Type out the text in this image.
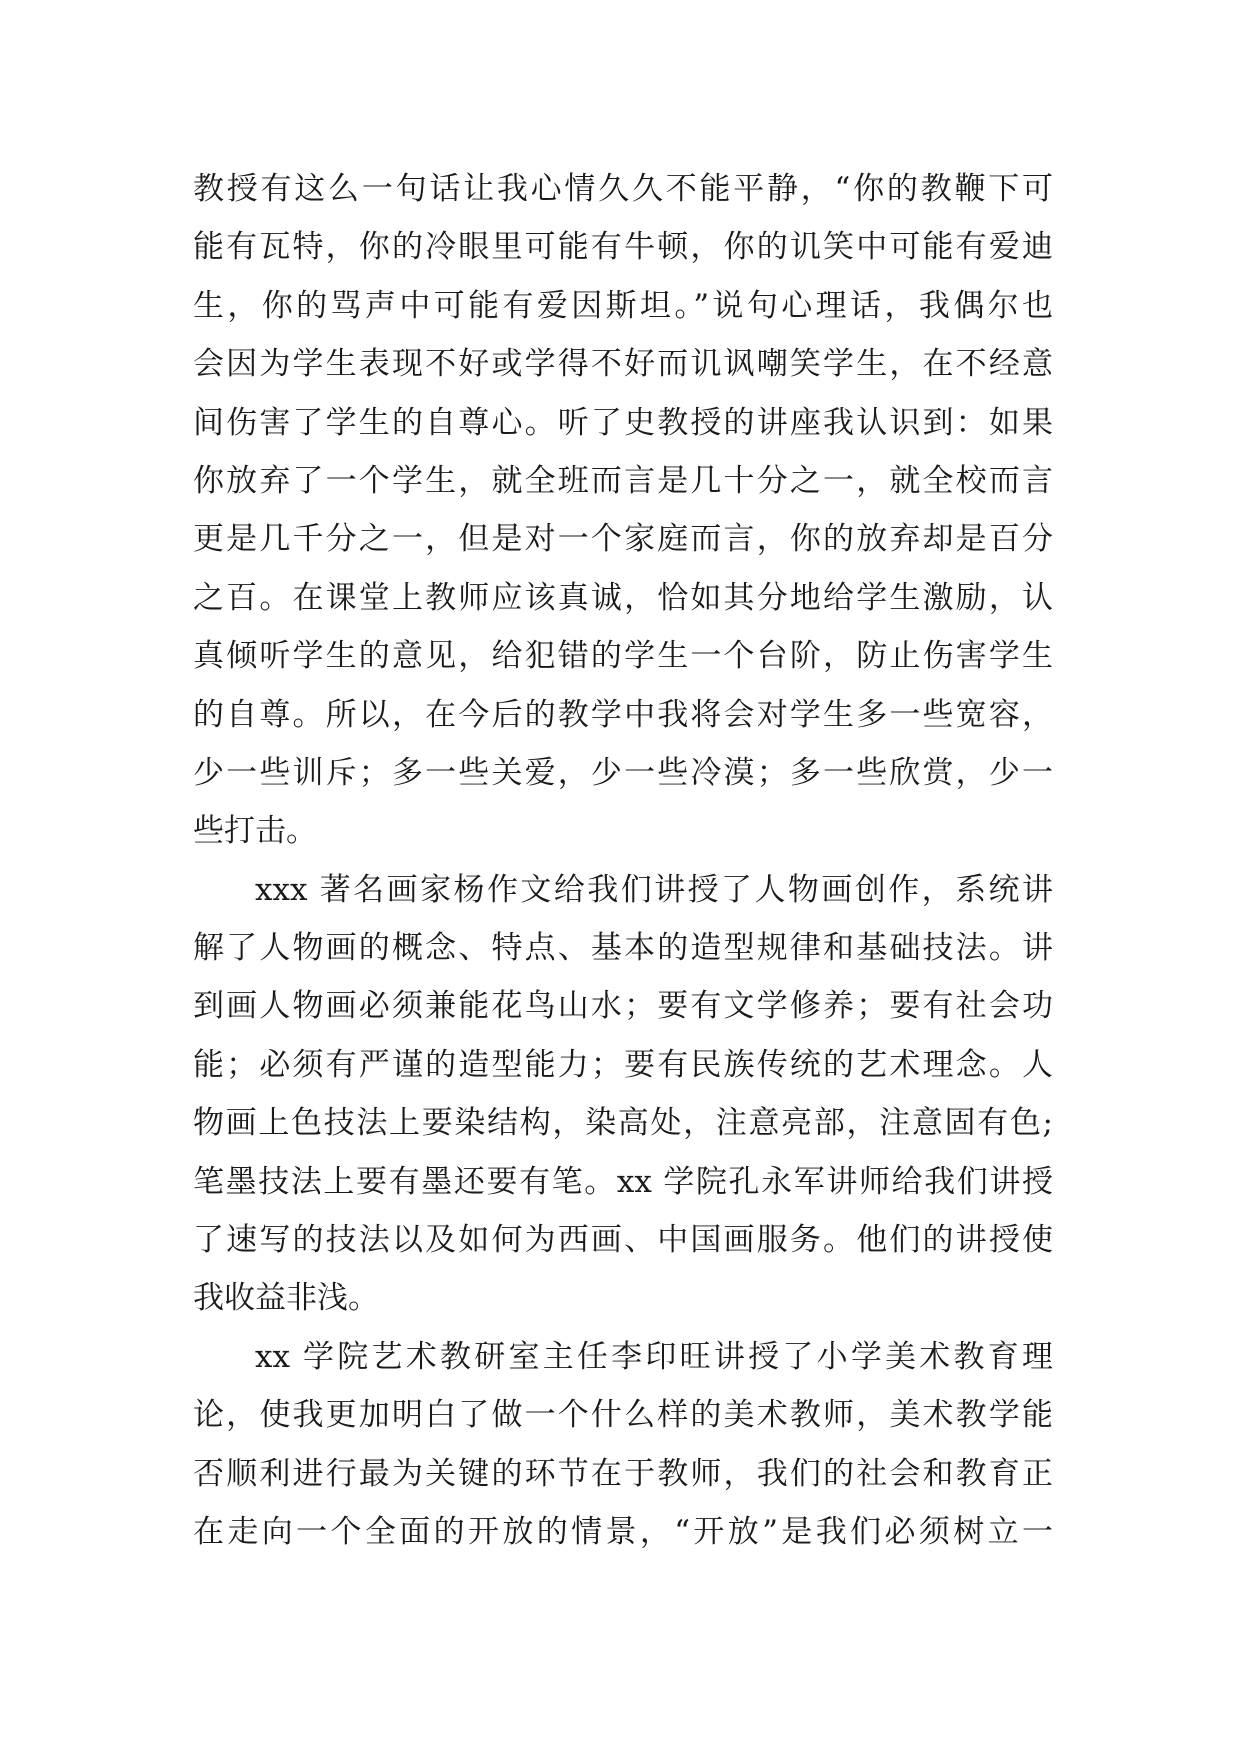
教授有这么一句话让我心情久久不能平静，“你的教鞭下可
能有瓦特，你的冷眼里可能有牛顿，你的讥笑中可能有爱迪
生，你的骂声中可能有爱因斯坦。”说句心理话，我偶尔也
会因为学生表现不好或学得不好而讥讽嘲笑学生，在不经意
间伤害了学生的自尊心。听了史教授的讲座我认识到：如果
你放弃了一个学生，就全班而言是几十分之一，就全校而言
更是几千分之一，但是对一个家庭而言，你的放弃却是百分
之百。在课堂上教师应该真诚，恰如其分地给学生激励，认
真倾听学生的意见，给犯错的学生一个台阶，防止伤害学生
的自尊。所以，在今后的教学中我将会对学生多一些宽容，
少一些训斥；多一些关爱，少一些冷漠；多一些欣赏，少一
些打击。
xxx 著名画家杨作文给我们讲授了人物画创作，系统讲
解了人物画的概念、特点、基本的造型规律和基础技法。讲
到画人物画必须兼能花鸟山水；要有文学修养；要有社会功
能；必须有严谨的造型能力；要有民族传统的艺术理念。人
物画上色技法上要染结构，染高处，注意亮部，注意固有色;
笔墨技法上要有墨还要有笔。xx 学院孔永军讲师给我们讲授
了速写的技法以及如何为西画、中国画服务。他们的讲授使
我收益非浅。
xx 学院艺术教研室主任李印旺讲授了小学美术教育理
论，使我更加明白了做一个什么样的美术教师，美术教学能
否顺利进行最为关键的环节在于教师，我们的社会和教育正
在走向一个全面的开放的情景，“开放”是我们必须树立一
